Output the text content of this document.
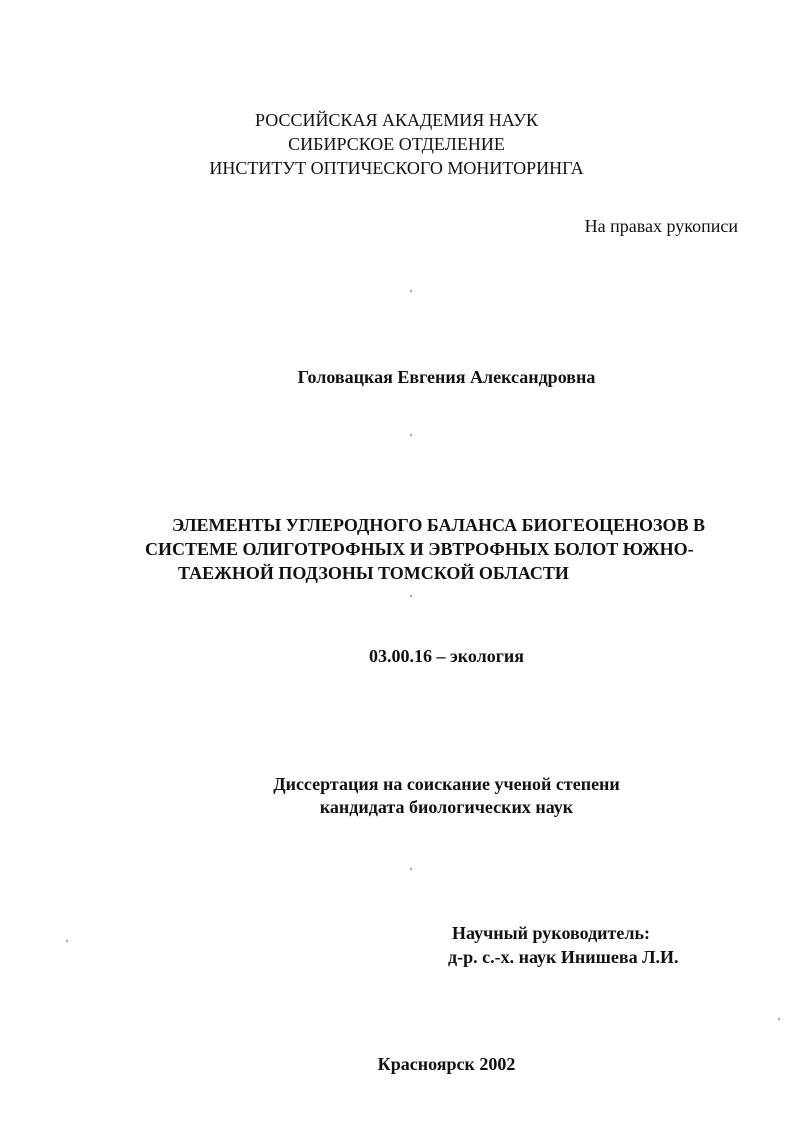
РОССИЙСКАЯ АКАДЕМИЯ НАУК
СИБИРСКОЕ ОТДЕЛЕНИЕ
ИНСТИТУТ ОПТИЧЕСКОГО МОНИТОРИНГА
На правах рукописи
Головацкая Евгения Александровна
ЭЛЕМЕНТЫ УГЛЕРОДНОГО БАЛАНСА БИОГЕОЦЕНОЗОВ В
СИСТЕМЕ ОЛИГОТРОФНЫХ И ЭВТРОФНЫХ БОЛОТ ЮЖНО-
ТАЕЖНОЙ ПОДЗОНЫ ТОМСКОЙ ОБЛАСТИ
03.00.16 – экология
Диссертация на соискание ученой степени
кандидата биологических наук
Научный руководитель:
д-р. с.-х. наук Инишева Л.И.
Красноярск 2002
